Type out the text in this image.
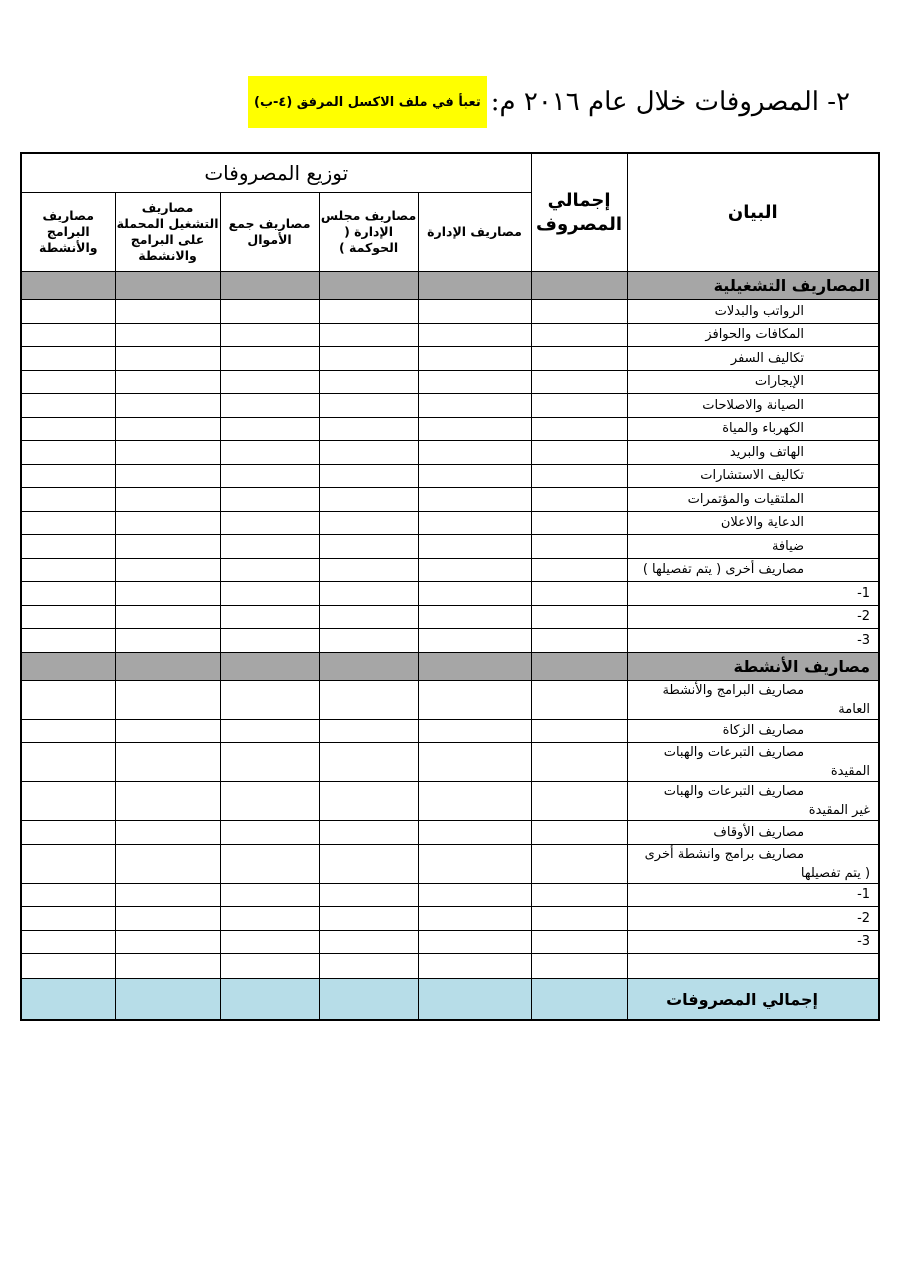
٢- المصروفات خلال عام ٢٠١٦ م:
تعبأ في ملف الاكسل المرفق (٤-ب)
البيان	إجمالي المصروف	توزيع المصروفات				
		مصاريف الإدارة	مصاريف مجلس الإدارة ( الحوكمة )	مصاريف جمع الأموال	مصاريف التشغيل المحملة على البرامج والانشطة	مصاريف البرامج والأنشطة
المصاريف التشغيلية						
الرواتب والبدلات						
المكافات والحوافز						
تكاليف السفر						
الإيجارات						
الصيانة والاصلاحات						
الكهرباء والمياة						
الهاتف والبريد						
تكاليف الاستشارات						
الملتقيات والمؤتمرات						
الدعاية والاعلان						
ضيافة						
مصاريف أخرى ( يتم تفصيلها )						
1-						
2-						
3-						
مصاريف الأنشطة						
مصاريف البرامج والأنشطة
العامة						

مصاريف الزكاة						
مصاريف التبرعات والهبات
المقيدة						

مصاريف التبرعات والهبات
غير المقيدة						

مصاريف الأوقاف						
مصاريف برامج وانشطة أخرى
( يتم تفصيلها						

1-						
2-						
3-						

إجمالي المصروفات						
